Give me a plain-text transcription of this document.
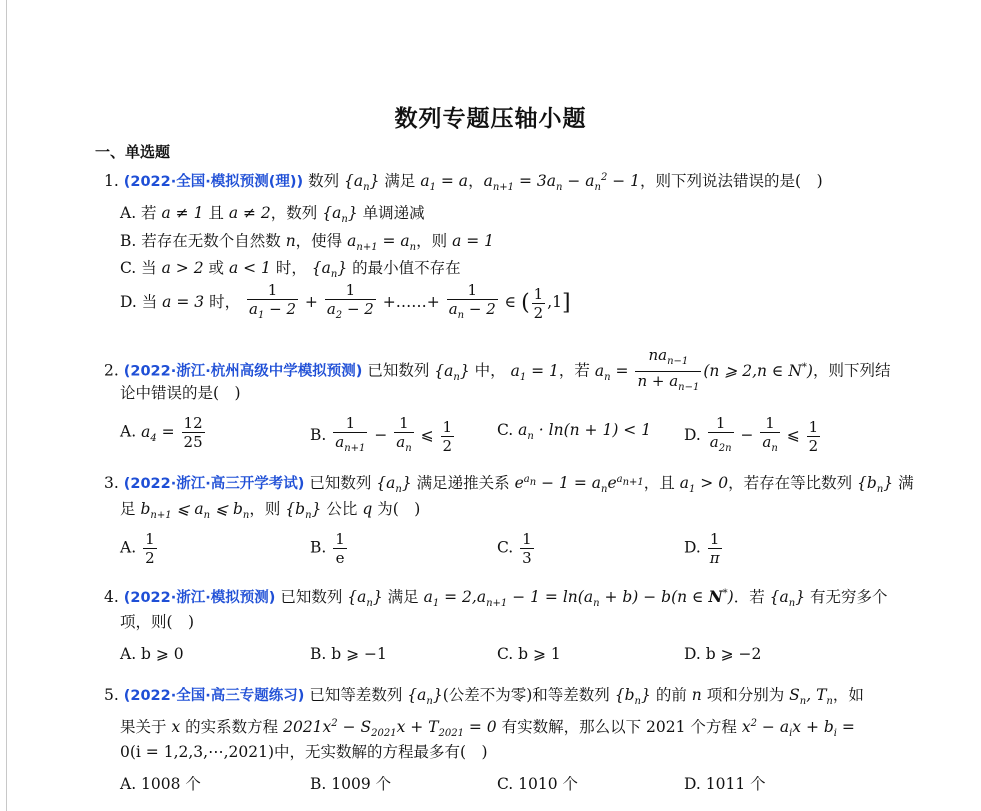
数列专题压轴小题
一、单选题
1. (2022·全国·模拟预测(理)) 数列 $\{a_n\}$ 满足 $a_1 = a$，$a_{n+1} = 3a_n - a_n^2 - 1$，则下列说法错误的是(　)
A. 若 a ≠ 1 且 a ≠ 2，数列 $\{a_n\}$ 单调递减
B. 若存在无数个自然数 n，使得 $a_{n+1} = a_n$，则 a = 1
C. 当 a > 2 或 a < 1 时， $\{a_n\}$ 的最小值不存在
D. 当 a = 3 时， $\frac{1}{a_1 - 2} + \frac{1}{a_2 - 2}$ +……+ $\frac{1}{a_n - 2}$ ∈ ( $\frac{1}{2} ,1$]
2. (2022·浙江·杭州高级中学模拟预测) 已知数列 $\{a_n\}$ 中， $a_1 = 1$，若 $a_n = \frac{na_{n-1}}{n + a_{n-1}} (n$ ⩾ 2,n ∈ N*)，则下列结
论中错误的是(　)
A. $a_4 = \frac{12}{25}$	B. $\frac{1}{a_{n+1}} - \frac{1}{a_n}$ ⩽ $\frac{1}{2}$	C. $a_n \cdot \ln(n + 1) < 1$ D. $\frac{1}{a_{2n}} - \frac{1}{a_n}$ ⩽ $\frac{1}{2}$
3. (2022·浙江·高三开学考试) 已知数列 $\{a_n\}$ 满足递推关系 $e^{a_n} - 1 = a_ne^{a_{n+1}}$，且 $a_1 > 0$，若存在等比数列 $\{b_n\}$ 满
足 $b_{n+1}$ ⩽ $a_n$ ⩽ $b_n$，则 $\{b_n\}$ 公比 q 为(　)
A. $\frac{1}{2}$	B. $\frac{1}{e}$	C. $\frac{1}{3}$	D. $\frac{1}{\pi}$
4. (2022·浙江·模拟预测) 已知数列 $\{a_n\}$ 满足 $a_1 = 2,a_{n+1} - 1 = \ln(a_n + b) - b(n$ ∈ N*)．若 $\{a_n\}$ 有无穷多个
项，则(　)
A. b ⩾ 0	B. b ⩾ −1	C. b ⩾ 1	D. b ⩾ −2
5. (2022·全国·高三专题练习) 已知等差数列 $\{a_n\}$(公差不为零)和等差数列 $\{b_n\}$ 的前 n 项和分别为 $S_n$, $T_n$，如
果关于 x 的实系数方程 $2021x^2 - S_{2021}x + T_{2021} = 0$ 有实数解，那么以下 2021 个方程 $x^2 - a_ix + b_i$ =
0(i = 1,2,3,⋯,2021)中，无实数解的方程最多有(　)
A. 1008 个	B. 1009 个	C. 1010 个	D. 1011 个
